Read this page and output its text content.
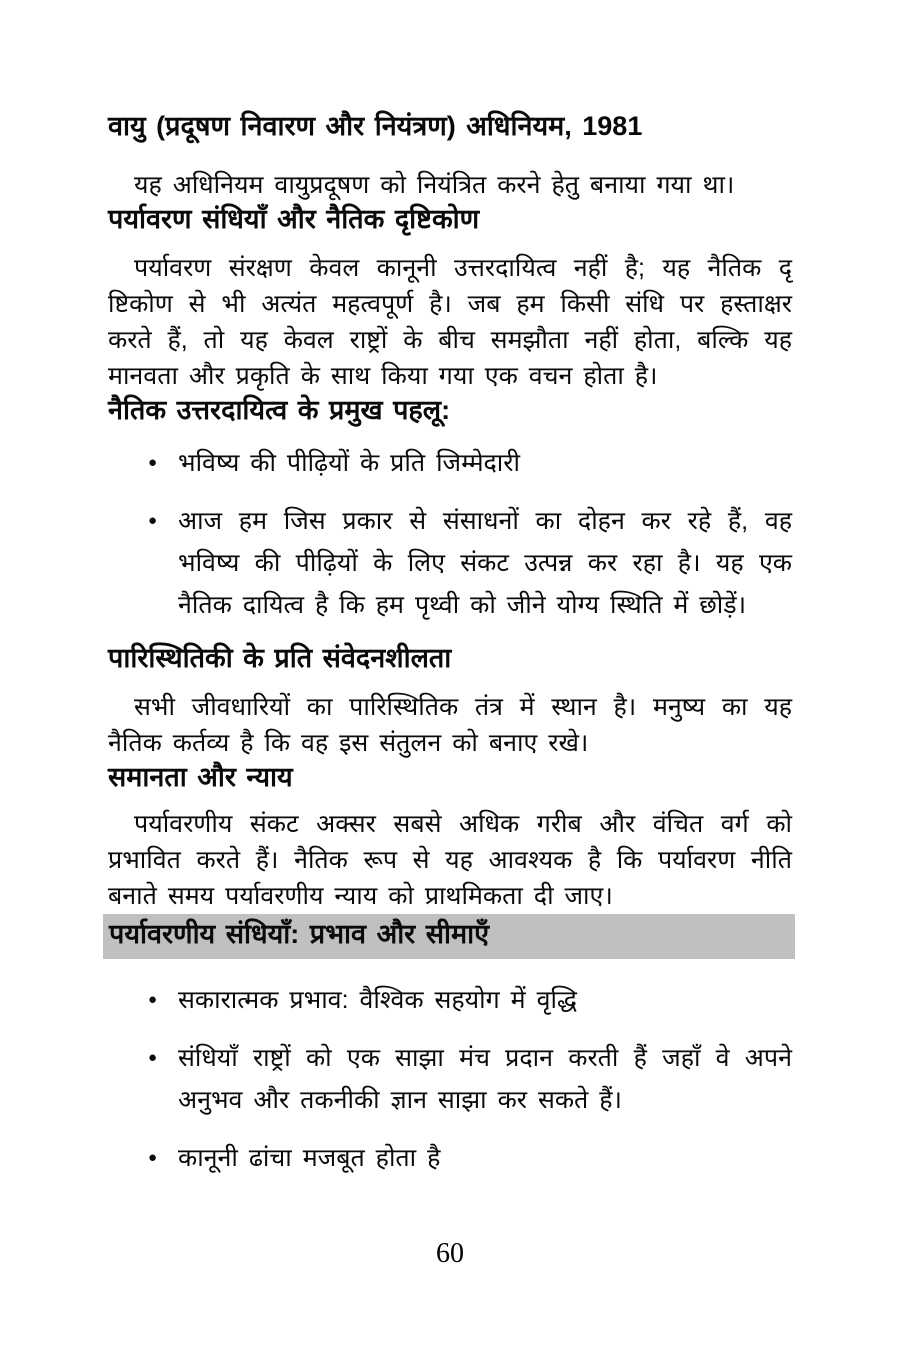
वायु (प्रदूषण निवारण और नियंत्रण) अधिनियम, 1981

यह अधिनियम वायुप्रदूषण को नियंत्रित करने हेतु बनाया गया था।

पर्यावरण संधियाँ और नैतिक दृष्टिकोण
पर्यावरण संरक्षण केवल कानूनी उत्तरदायित्व नहीं है; यह नैतिक दृ
ष्टिकोण से भी अत्यंत महत्वपूर्ण है। जब हम किसी संधि पर हस्ताक्षर
करते हैं, तो यह केवल राष्ट्रों के बीच समझौता नहीं होता, बल्कि यह
मानवता और प्रकृति के साथ किया गया एक वचन होता है।
नैतिक उत्तरदायित्व के प्रमुख पहलू:
● भविष्य की पीढ़ियों के प्रति जिम्मेदारी
● आज हम जिस प्रकार से संसाधनों का दोहन कर रहे हैं, वह
भविष्य की पीढ़ियों के लिए संकट उत्पन्न कर रहा है। यह एक
नैतिक दायित्व है कि हम पृथ्वी को जीने योग्य स्थिति में छोड़ें।
पारिस्थितिकी के प्रति संवेदनशीलता
सभी जीवधारियों का पारिस्थितिक तंत्र में स्थान है। मनुष्य का यह
नैतिक कर्तव्य है कि वह इस संतुलन को बनाए रखे।
समानता और न्याय
पर्यावरणीय संकट अक्सर सबसे अधिक गरीब और वंचित वर्ग को
प्रभावित करते हैं। नैतिक रूप से यह आवश्यक है कि पर्यावरण नीति
बनाते समय पर्यावरणीय न्याय को प्राथमिकता दी जाए।
पर्यावरणीय संधियाँ: प्रभाव और सीमाएँ
● सकारात्मक प्रभाव: वैश्विक सहयोग में वृद्धि
● संधियाँ राष्ट्रों को एक साझा मंच प्रदान करती हैं जहाँ वे अपने
अनुभव और तकनीकी ज्ञान साझा कर सकते हैं।
● कानूनी ढांचा मजबूत होता है
60
